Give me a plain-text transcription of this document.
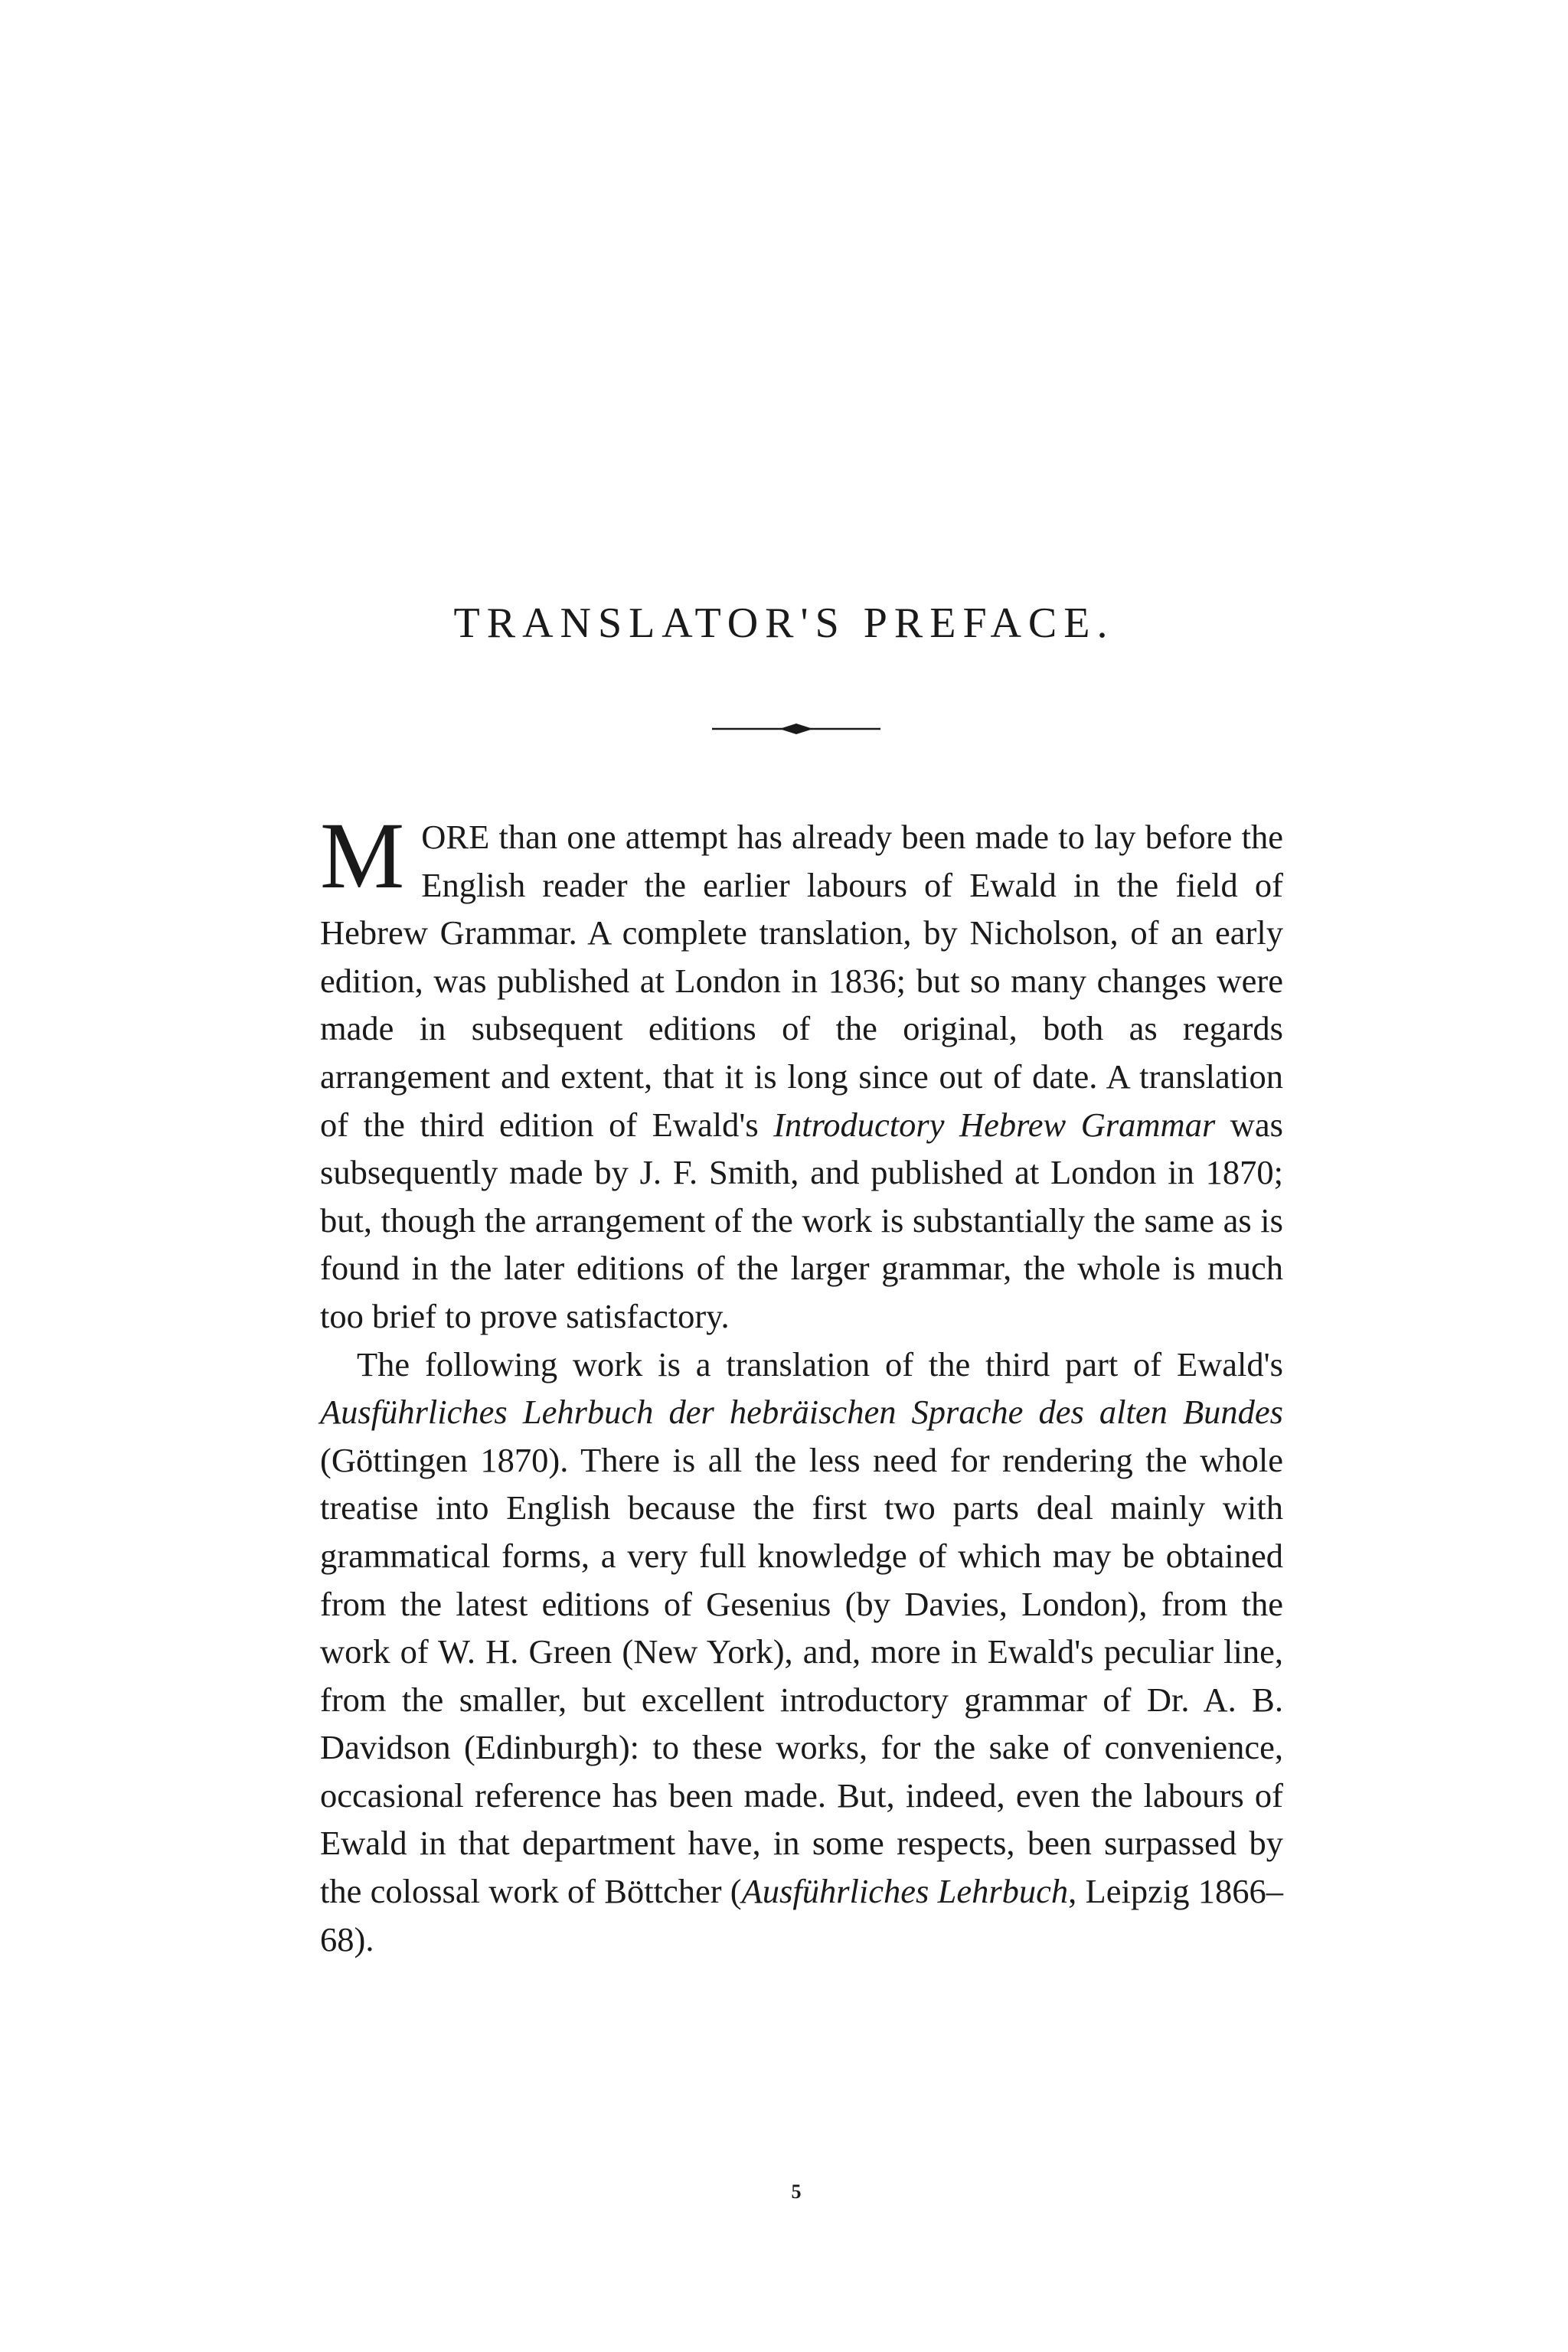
TRANSLATOR'S PREFACE.

MORE than one attempt has already been made to lay before the English reader the earlier labours of Ewald in the field of Hebrew Grammar. A complete translation, by Nicholson, of an early edition, was published at London in 1836; but so many changes were made in subsequent editions of the original, both as regards arrangement and extent, that it is long since out of date. A translation of the third edition of Ewald's Introductory Hebrew Grammar was subsequently made by J. F. Smith, and published at London in 1870; but, though the arrangement of the work is substantially the same as is found in the later editions of the larger grammar, the whole is much too brief to prove satisfactory.

The following work is a translation of the third part of Ewald's Ausführliches Lehrbuch der hebräischen Sprache des alten Bundes (Göttingen 1870). There is all the less need for rendering the whole treatise into English because the first two parts deal mainly with grammatical forms, a very full knowledge of which may be obtained from the latest editions of Gesenius (by Davies, London), from the work of W. H. Green (New York), and, more in Ewald's peculiar line, from the smaller, but excellent introductory grammar of Dr. A. B. Davidson (Edinburgh): to these works, for the sake of convenience, occasional reference has been made. But, indeed, even the labours of Ewald in that department have, in some respects, been surpassed by the colossal work of Böttcher (Ausführliches Lehrbuch, Leipzig 1866–68).

5
